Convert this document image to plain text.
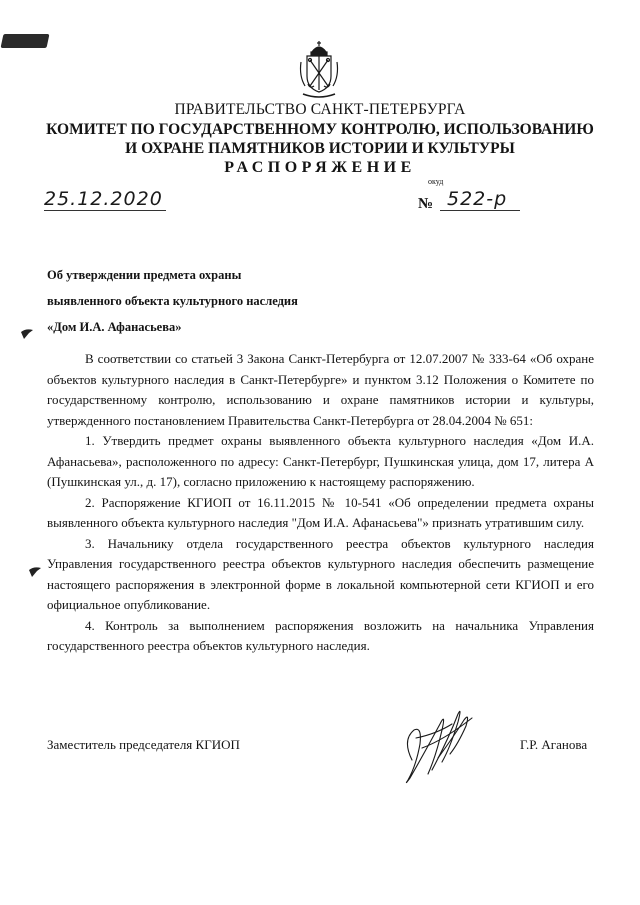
ПРАВИТЕЛЬСТВО САНКТ-ПЕТЕРБУРГА
КОМИТЕТ ПО ГОСУДАРСТВЕННОМУ КОНТРОЛЮ, ИСПОЛЬЗОВАНИЮ
И ОХРАНЕ ПАМЯТНИКОВ ИСТОРИИ И КУЛЬТУРЫ
РАСПОРЯЖЕНИЕ
окуд
25.12.2020	№ 522-р
Об утверждении предмета охраны
выявленного объекта культурного наследия
«Дом И.А. Афанасьева»

В соответствии со статьей 3 Закона Санкт-Петербурга от 12.07.2007 № 333-64 «Об охране объектов культурного наследия в Санкт-Петербурге» и пунктом 3.12 Положения о Комитете по государственному контролю, использованию и охране памятников истории и культуры, утвержденного постановлением Правительства Санкт-Петербурга от 28.04.2004 № 651:

1. Утвердить предмет охраны выявленного объекта культурного наследия «Дом И.А. Афанасьева», расположенного по адресу: Санкт-Петербург, Пушкинская улица, дом 17, литера А (Пушкинская ул., д. 17), согласно приложению к настоящему распоряжению.

2. Распоряжение КГИОП от 16.11.2015 № 10-541 «Об определении предмета охраны выявленного объекта культурного наследия "Дом И.А. Афанасьева"» признать утратившим силу.

3. Начальнику отдела государственного реестра объектов культурного наследия Управления государственного реестра объектов культурного наследия обеспечить размещение настоящего распоряжения в электронной форме в локальной компьютерной сети КГИОП и его официальное опубликование.

4. Контроль за выполнением распоряжения возложить на начальника Управления государственного реестра объектов культурного наследия.

Заместитель председателя КГИОП	Г.Р. Аганова
